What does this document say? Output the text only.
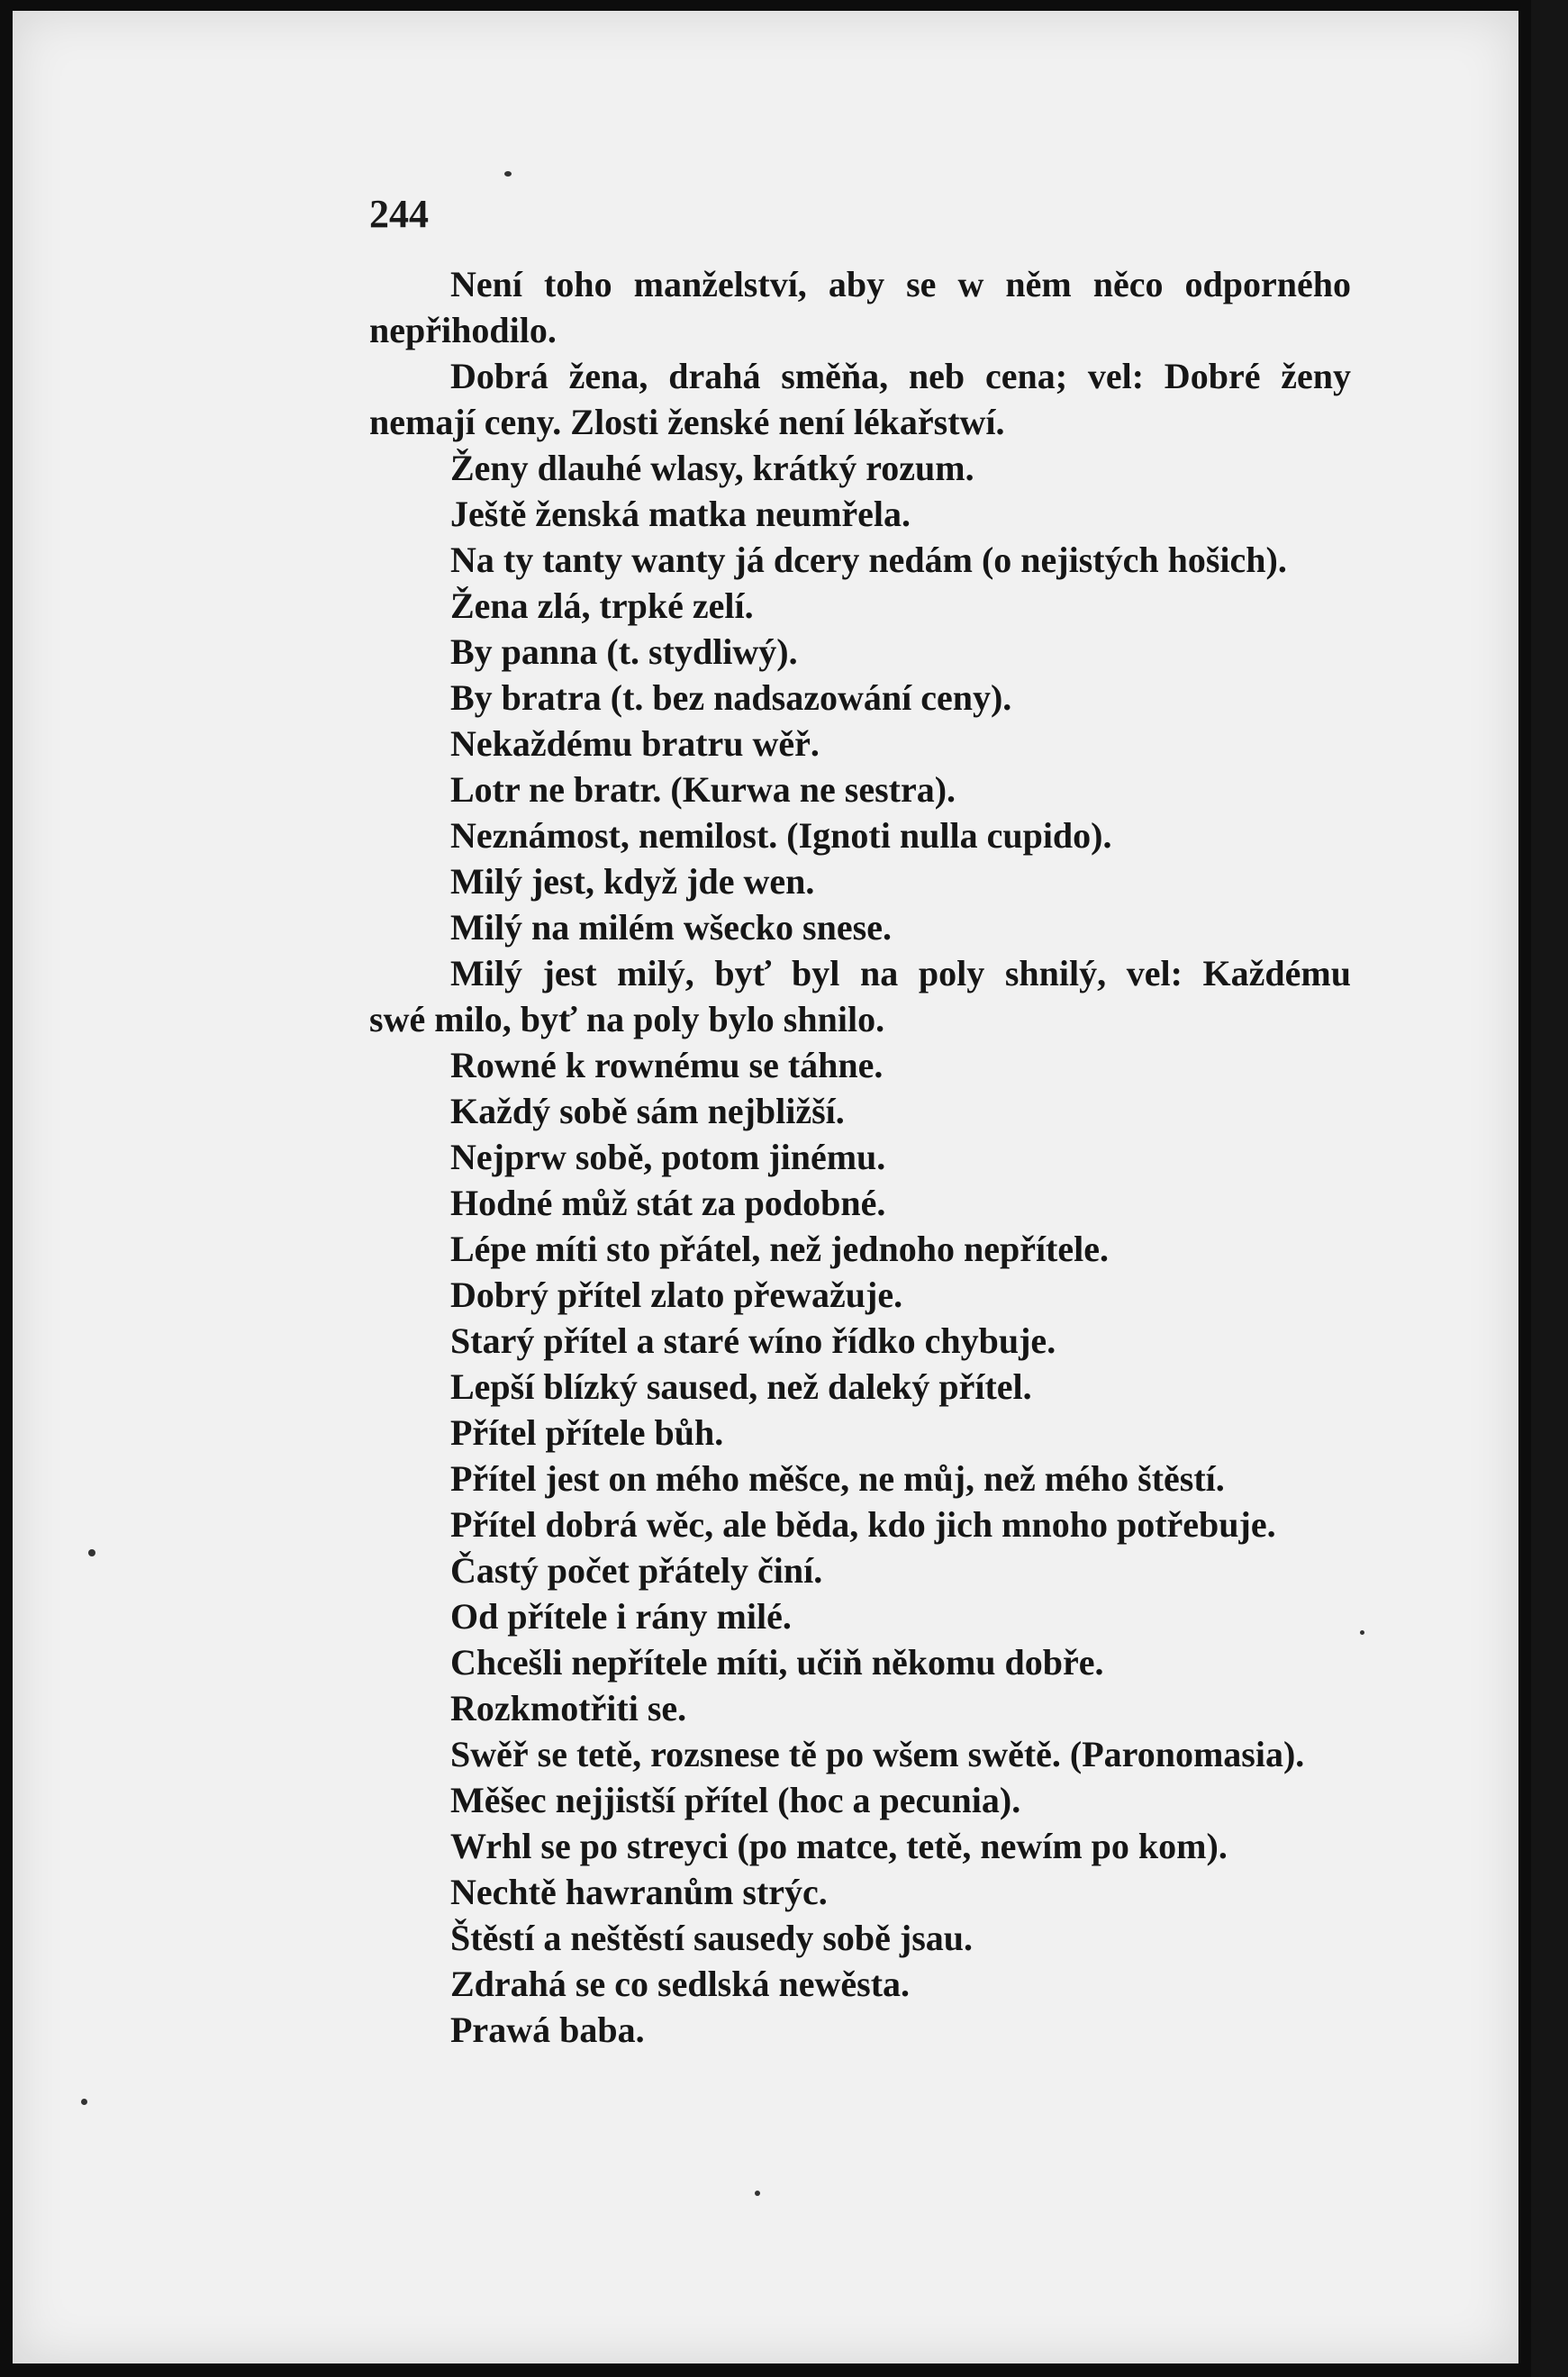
244
Není toho manželství, aby se w něm něco odporného
nepřihodilo.
Dobrá žena, drahá směňa, neb cena; vel: Dobré ženy
nemají ceny. Zlosti ženské není lékařstwí.
Ženy dlauhé wlasy, krátký rozum.
Ještě ženská matka neumřela.
Na ty tanty wanty já dcery nedám (o nejistých hošich).
Žena zlá, trpké zelí.
By panna (t. stydliwý).
By bratra (t. bez nadsazowání ceny).
Nekaždému bratru wěř.
Lotr ne bratr. (Kurwa ne sestra).
Neznámost, nemilost. (Ignoti nulla cupido).
Milý jest, když jde wen.
Milý na milém wšecko snese.
Milý jest milý, byť byl na poly shnilý, vel: Každému
swé milo, byť na poly bylo shnilo.
Rowné k rownému se táhne.
Každý sobě sám nejbližší.
Nejprw sobě, potom jinému.
Hodné můž stát za podobné.
Lépe míti sto přátel, než jednoho nepřítele.
Dobrý přítel zlato přewažuje.
Starý přítel a staré wíno řídko chybuje.
Lepší blízký saused, než daleký přítel.
Přítel přítele bůh.
Přítel jest on mého měšce, ne můj, než mého štěstí.
Přítel dobrá wěc, ale běda, kdo jich mnoho potřebuje.
Častý počet přátely činí.
Od přítele i rány milé.
Chcešli nepřítele míti, učiň někomu dobře.
Rozkmotřiti se.
Swěř se tetě, rozsnese tě po wšem swětě. (Paronomasia).
Měšec nejjistší přítel (hoc a pecunia).
Wrhl se po streyci (po matce, tetě, newím po kom).
Nechtě hawranům strýc.
Štěstí a neštěstí sausedy sobě jsau.
Zdrahá se co sedlská newěsta.
Prawá baba.
